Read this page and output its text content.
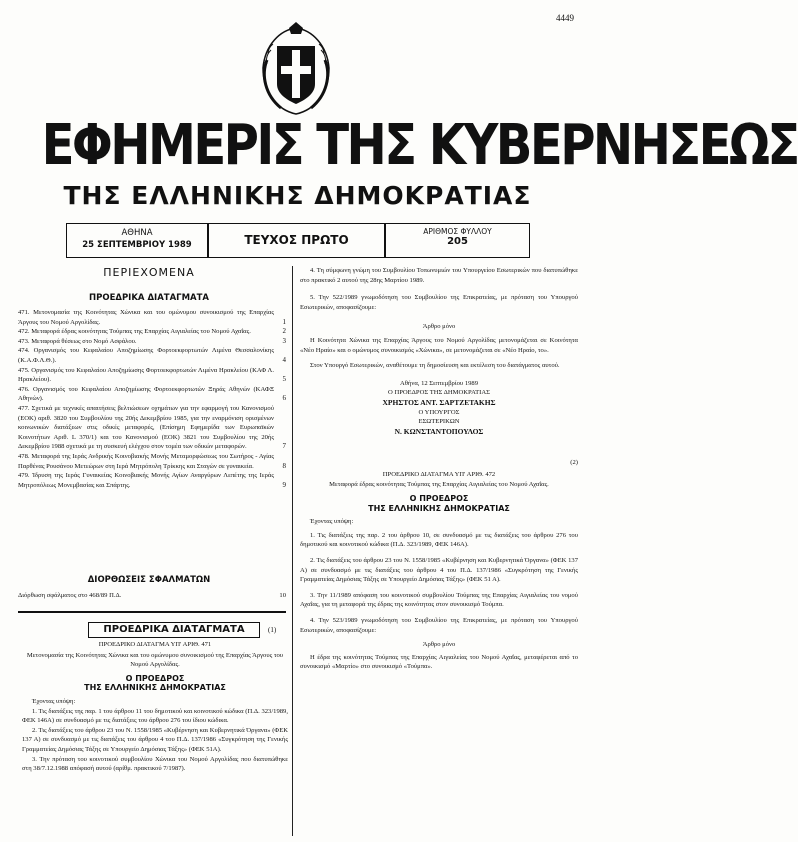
4449
ΕΦΗΜΕΡΙΣ ΤΗΣ ΚΥΒΕΡΝΗΣΕΩΣ
ΤΗΣ ΕΛΛΗΝΙΚΗΣ ΔΗΜΟΚΡΑΤΙΑΣ
ΑΘΗΝΑ
25 ΣΕΠΤΕΜΒΡΙΟΥ 1989	ΤΕΥΧΟΣ ΠΡΩΤΟ
ΑΡΙΘΜΟΣ ΦΥΛΛΟΥ
205
ΠΕΡΙΕΧΟΜΕΝΑ
ΠΡΟΕΔΡΙΚΑ ΔΙΑΤΑΓΜΑΤΑ
471. Μετονομασία της Κοινότητας Χώνικα και του ομώνυμου συνοικισμού της Επαρχίας Άργους του Νομού Αργολίδας.	1
472. Μεταφορά έδρας κοινότητας Τούμπας της Επαρχίας Αιγιαλείας του Νομού Αχαΐας.	2
473. Μεταφορά θέσεως στο Νομό Ασφάλου.	3
474. Οργανισμός του Κεφαλαίου Αποζημίωσης Φορτοεκφορτωτών Λιμένα Θεσσαλονίκης (Κ.Α.Φ.Λ.Θ.).	4
475. Οργανισμός του Κεφαλαίου Αποζημίωσης Φορτοεκφορτωτών Λιμένα Ηρακλείου (ΚΑΦ Λ. Ηρακλείου).	5
476. Οργανισμός του Κεφαλαίου Αποζημίωσης Φορτοεκφορτωτών Ξηράς Αθηνών (ΚΑΦΞ Αθηνών).	6
477. Σχετικά με τεχνικές απαιτήσεις βελτιώσεων οχημάτων για την εφαρμογή του Κανονισμού (ΕΟΚ) αριθ. 3820 του Συμβουλίου της 20ής Δεκεμβρίου 1985, για την εναρμόνιση ορισμένων κοινωνικών διατάξεων στις οδικές μεταφορές, (Επίσημη Εφημερίδα των Ευρωπαϊκών Κοινοτήτων Αριθ. L 370/1) και του Κανονισμού (ΕΟΚ) 3821 του Συμβουλίου της 20ής Δεκεμβρίου 1988 σχετικά με τη συσκευή ελέγχου στον τομέα των οδικών μεταφορών.	7
478. Μεταφορά της Ιεράς Ανδρικής Κοινοβιακής Μονής Μεταμορφώσεως του Σωτήρος - Αγίας Παρθένας Ρουσάνου Μετεώρων στη Ιερά Μητρόπολη Τρίκκης και Σταγών σε γυναικεία.	8
479. Ίδρυση της Ιεράς Γυναικείας Κοινοβιακής Μονής Αγίων Αναργύρων Λεπέτης της Ιεράς Μητροπόλεως Μονεμβασίας και Σπάρτης.	9
ΔΙΟΡΘΩΣΕΙΣ ΣΦΑΛΜΑΤΩΝ
Διόρθωση σφάλματος στο 468/89 Π.Δ.	10
ΠΡΟΕΔΡΙΚΑ ΔΙΑΤΑΓΜΑΤΑ	(1)
ΠΡΟΕΔΡΙΚΟ ΔΙΑΤΑΓΜΑ ΥΠ' ΑΡΙΘ. 471
Μετονομασία της Κοινότητας Χώνικα και του ομώνυμου συνοικισμού της Επαρχίας Άργους του Νομού Αργολίδας.
Ο ΠΡΟΕΔΡΟΣ
ΤΗΣ ΕΛΛΗΝΙΚΗΣ ΔΗΜΟΚΡΑΤΙΑΣ
Έχοντας υπόψη:
1. Τις διατάξεις της παρ. 1 του άρθρου 11 του δημοτικού και κοινοτικού κώδικα (Π.Δ. 323/1989, ΦΕΚ 146Α) σε συνδυασμό με τις διατάξεις του άρθρου 276 του ίδιου κώδικα.
2. Τις διατάξεις του άρθρου 23 του Ν. 1558/1985 «Κυβέρνηση και Κυβερνητικά Όργανα» (ΦΕΚ 137 Α) σε συνδυασμό με τις διατάξεις του άρθρου 4 του Π.Δ. 137/1986 «Συγκρότηση της Γενικής Γραμματείας Δημόσιας Τάξης σε Υπουργείο Δημόσιας Τάξης» (ΦΕΚ 51Α).
3. Την πρόταση του κοινοτικού συμβουλίου Χώνικα του Νομού Αργολίδας που διατυπώθηκε στη 38/7.12.1988 απόφασή αυτού (αρίθμ. πρακτικού 7/1987).
4. Τη σύμφωνη γνώμη του Συμβουλίου Τοπωνυμιών του Υπουργείου Εσωτερικών που διατυπώθηκε στο πρακτικό 2 αυτού της 28ης Μαρτίου 1989.
5. Την 522/1989 γνωμοδότηση του Συμβουλίου της Επικρατείας, με πρόταση του Υπουργού Εσωτερικών, αποφασίζουμε:
Άρθρο μόνο
Η Κοινότητα Χώνικα της Επαρχίας Άργους του Νομού Αργολίδας μετονομάζεται σε Κοινότητα «Νέο Ηραίο» και ο ομώνυμος συνοικισμός «Χώνικα», σε μετονομάζεται σε «Νέο Ηραίο, το».
Στον Υπουργό Εσωτερικών, αναθέτουμε τη δημοσίευση και εκτέλεση του διατάγματος αυτού.
Αθήνα, 12 Σεπτεμβρίου 1989
Ο ΠΡΟΕΔΡΟΣ ΤΗΣ ΔΗΜΟΚΡΑΤΙΑΣ
ΧΡΗΣΤΟΣ ΑΝΤ. ΣΑΡΤΖΕΤΑΚΗΣ
Ο ΥΠΟΥΡΓΟΣ
ΕΣΩΤΕΡΙΚΩΝ
Ν. ΚΩΝΣΤΑΝΤΟΠΟΥΛΟΣ
(2)
ΠΡΟΕΔΡΙΚΟ ΔΙΑΤΑΓΜΑ ΥΠ' ΑΡΙΘ. 472
Μεταφορά έδρας κοινότητας Τούμπας της Επαρχίας Αιγιαλείας του Νομού Αχαΐας.
Ο ΠΡΟΕΔΡΟΣ
ΤΗΣ ΕΛΛΗΝΙΚΗΣ ΔΗΜΟΚΡΑΤΙΑΣ
Έχοντας υπόψη:
1. Τις διατάξεις της παρ. 2 του άρθρου 10, σε συνδυασμό με τις διατάξεις του άρθρου 276 του δημοτικού και κοινοτικού κώδικα (Π.Δ. 323/1989, ΦΕΚ 146Α).
2. Τις διατάξεις του άρθρου 23 του Ν. 1558/1985 «Κυβέρνηση και Κυβερνητικά Όργανα» (ΦΕΚ 137 Α) σε συνδυασμό με τις διατάξεις του άρθρου 4 του Π.Δ. 137/1986 «Συγκρότηση της Γενικής Γραμματείας Δημόσιας Τάξης σε Υπουργείο Δημόσιας Τάξης» (ΦΕΚ 51 Α).
3. Την 11/1989 απόφαση του κοινοτικού συμβουλίου Τούμπας της Επαρχίας Αιγιαλείας του νομού Αχαΐας, για τη μεταφορά της έδρας της κοινότητας στον συνοικισμό Τούμπα.
4. Την 523/1989 γνωμοδότηση του Συμβουλίου της Επικρατείας, με πρόταση του Υπουργού Εσωτερικών, αποφασίζουμε:
Άρθρο μόνο
Η έδρα της κοινότητας Τούμπας της Επαρχίας Αιγιαλείας του Νομού Αχαΐας, μεταφέρεται από το συνοικισμό «Μαρτίο» στο συνοικισμό «Τούμπα».
